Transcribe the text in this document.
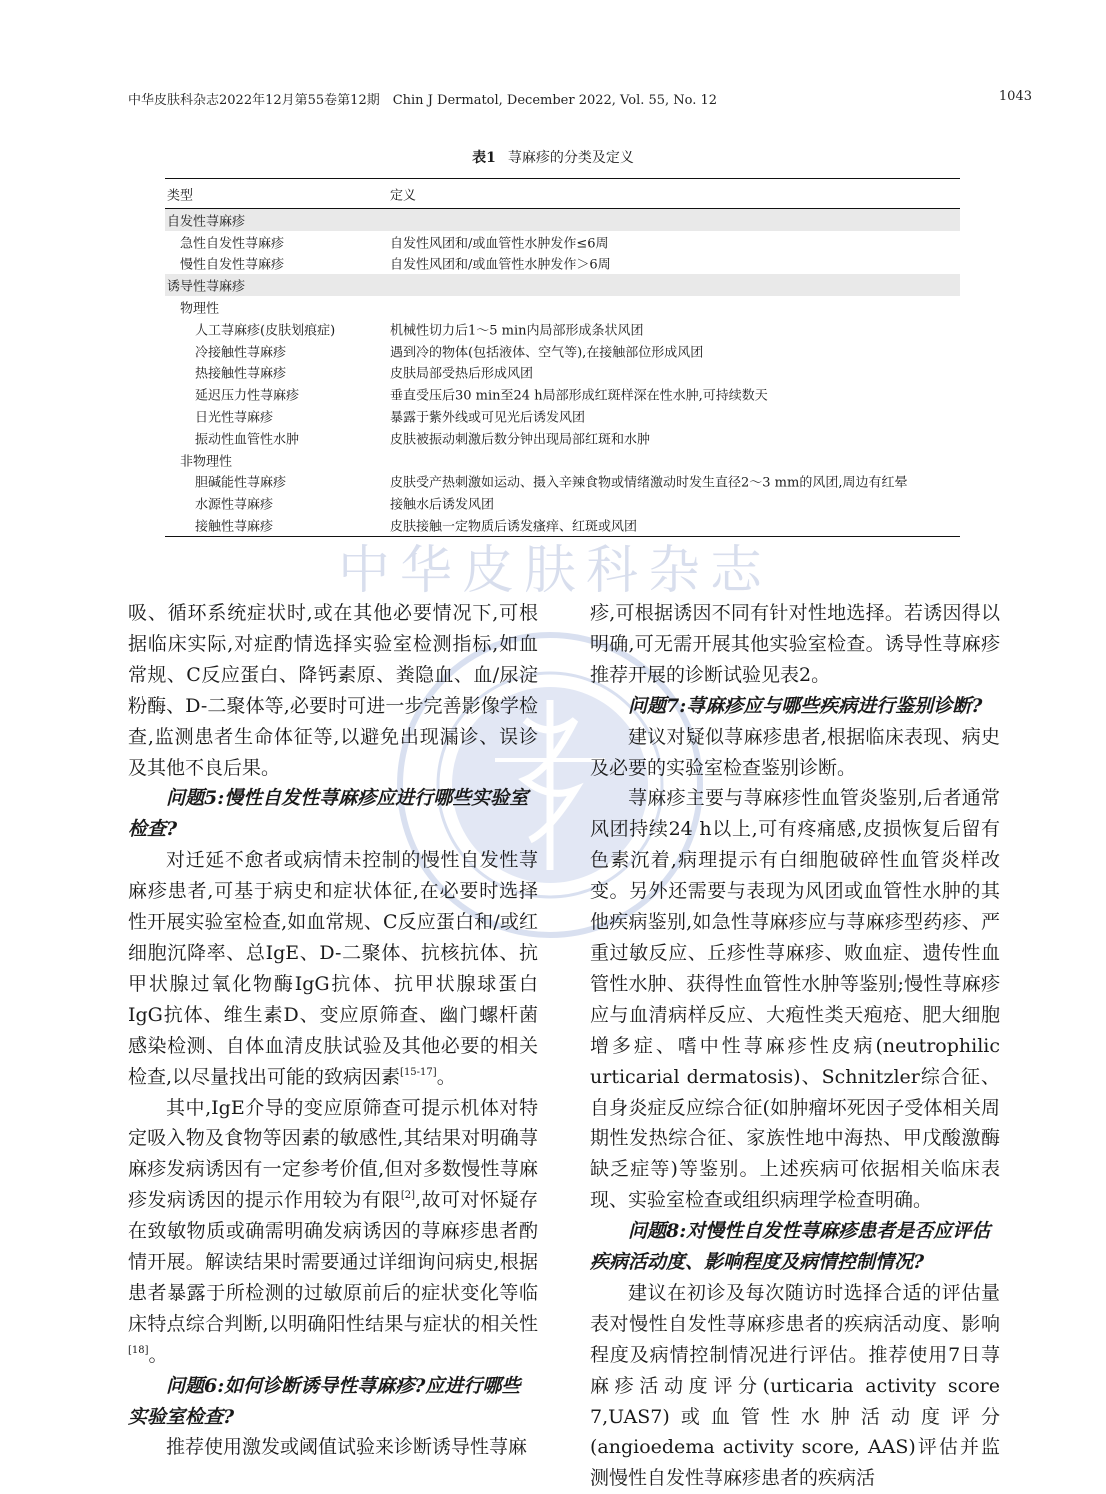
中华皮肤科杂志2022年12月第55卷第12期　Chin J Dermatol, December 2022, Vol. 55, No. 12	1043
表1 荨麻疹的分类及定义
类型	定义
自发性荨麻疹
急性自发性荨麻疹	自发性风团和/或血管性水肿发作≤6周
慢性自发性荨麻疹	自发性风团和/或血管性水肿发作＞6周
诱导性荨麻疹
物理性
人工荨麻疹(皮肤划痕症)	机械性切力后1～5 min内局部形成条状风团
冷接触性荨麻疹	遇到冷的物体(包括液体、空气等),在接触部位形成风团
热接触性荨麻疹	皮肤局部受热后形成风团
延迟压力性荨麻疹	垂直受压后30 min至24 h局部形成红斑样深在性水肿,可持续数天
日光性荨麻疹	暴露于紫外线或可见光后诱发风团
振动性血管性水肿	皮肤被振动刺激后数分钟出现局部红斑和水肿
非物理性
胆碱能性荨麻疹	皮肤受产热刺激如运动、摄入辛辣食物或情绪激动时发生直径2～3 mm的风团,周边有红晕
水源性荨麻疹	接触水后诱发风团
接触性荨麻疹	皮肤接触一定物质后诱发瘙痒、红斑或风团
中华皮肤科杂志

吸、循环系统症状时,或在其他必要情况下,可根据临床实际,对症酌情选择实验室检测指标,如血常规、C反应蛋白、降钙素原、粪隐血、血/尿淀粉酶、D-二聚体等,必要时可进一步完善影像学检查,监测患者生命体征等,以避免出现漏诊、误诊及其他不良后果。

问题5:慢性自发性荨麻疹应进行哪些实验室检查?

对迁延不愈者或病情未控制的慢性自发性荨麻疹患者,可基于病史和症状体征,在必要时选择性开展实验室检查,如血常规、C反应蛋白和/或红细胞沉降率、总IgE、D-二聚体、抗核抗体、抗甲状腺过氧化物酶IgG抗体、抗甲状腺球蛋白IgG抗体、维生素D、变应原筛查、幽门螺杆菌感染检测、自体血清皮肤试验及其他必要的相关检查,以尽量找出可能的致病因素[15-17]。

其中,IgE介导的变应原筛查可提示机体对特定吸入物及食物等因素的敏感性,其结果对明确荨麻疹发病诱因有一定参考价值,但对多数慢性荨麻疹发病诱因的提示作用较为有限[2],故可对怀疑存在致敏物质或确需明确发病诱因的荨麻疹患者酌情开展。解读结果时需要通过详细询问病史,根据患者暴露于所检测的过敏原前后的症状变化等临床特点综合判断,以明确阳性结果与症状的相关性[18]。

问题6:如何诊断诱导性荨麻疹?应进行哪些实验室检查?

推荐使用激发或阈值试验来诊断诱导性荨麻

疹,可根据诱因不同有针对性地选择。若诱因得以明确,可无需开展其他实验室检查。诱导性荨麻疹推荐开展的诊断试验见表2。

问题7:荨麻疹应与哪些疾病进行鉴别诊断?

建议对疑似荨麻疹患者,根据临床表现、病史及必要的实验室检查鉴别诊断。

荨麻疹主要与荨麻疹性血管炎鉴别,后者通常风团持续24 h以上,可有疼痛感,皮损恢复后留有色素沉着,病理提示有白细胞破碎性血管炎样改变。另外还需要与表现为风团或血管性水肿的其他疾病鉴别,如急性荨麻疹应与荨麻疹型药疹、严重过敏反应、丘疹性荨麻疹、败血症、遗传性血管性水肿、获得性血管性水肿等鉴别;慢性荨麻疹应与血清病样反应、大疱性类天疱疮、肥大细胞增多症、嗜中性荨麻疹性皮病(neutrophilic urticarial dermatosis)、Schnitzler综合征、自身炎症反应综合征(如肿瘤坏死因子受体相关周期性发热综合征、家族性地中海热、甲戊酸激酶缺乏症等)等鉴别。上述疾病可依据相关临床表现、实验室检查或组织病理学检查明确。

问题8:对慢性自发性荨麻疹患者是否应评估疾病活动度、影响程度及病情控制情况?

建议在初诊及每次随访时选择合适的评估量表对慢性自发性荨麻疹患者的疾病活动度、影响程度及病情控制情况进行评估。推荐使用7日荨麻疹活动度评分(urticaria activity score 7,UAS7)或血管性水肿活动度评分(angioedema activity score, AAS)评估并监测慢性自发性荨麻疹患者的疾病活
